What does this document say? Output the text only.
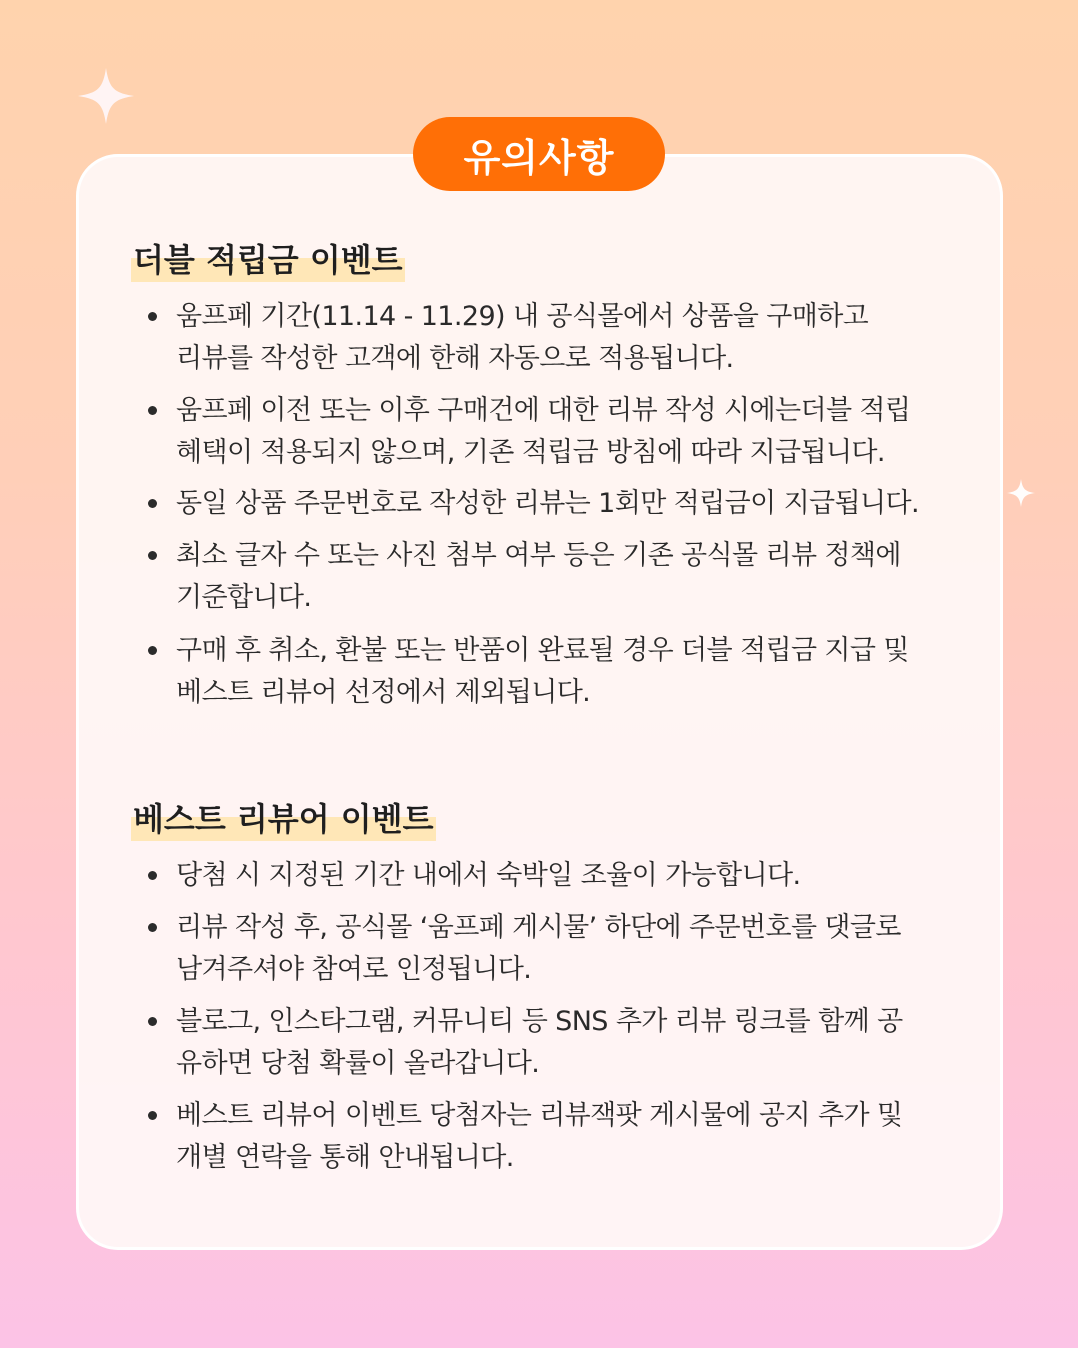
유의사항
더블 적립금 이벤트
움프페 기간(11.14 - 11.29) 내 공식몰에서 상품을 구매하고
리뷰를 작성한 고객에 한해 자동으로 적용됩니다.
움프페 이전 또는 이후 구매건에 대한 리뷰 작성 시에는더블 적립
혜택이 적용되지 않으며, 기존 적립금 방침에 따라 지급됩니다.
동일 상품 주문번호로 작성한 리뷰는 1회만 적립금이 지급됩니다.
최소 글자 수 또는 사진 첨부 여부 등은 기존 공식몰 리뷰 정책에
기준합니다.
구매 후 취소, 환불 또는 반품이 완료될 경우 더블 적립금 지급 및
베스트 리뷰어 선정에서 제외됩니다.
베스트 리뷰어 이벤트
당첨 시 지정된 기간 내에서 숙박일 조율이 가능합니다.
리뷰 작성 후, 공식몰 ‘움프페 게시물’ 하단에 주문번호를 댓글로
남겨주셔야 참여로 인정됩니다.
블로그, 인스타그램, 커뮤니티 등 SNS 추가 리뷰 링크를 함께 공
유하면 당첨 확률이 올라갑니다.
베스트 리뷰어 이벤트 당첨자는 리뷰잭팟 게시물에 공지 추가 및
개별 연락을 통해 안내됩니다.
